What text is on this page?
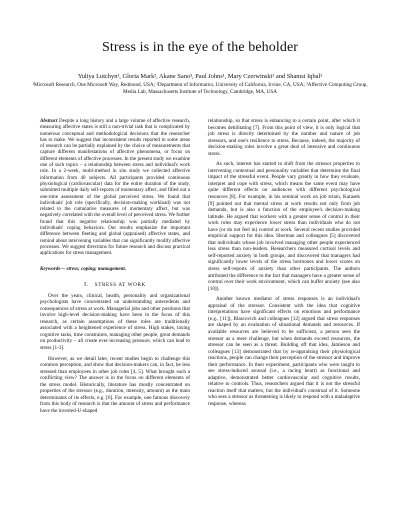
Stress is in the eye of the beholder
Yuliya Lutchyn¹, Gloria Mark², Akane Sano³, Paul Johns¹, Mary Czerwinski¹ and Shamsi Iqbal¹
¹Microsoft Research, One Microsoft Way, Redmond, USA; ²Department of Informatics, University of California, Irvine, CA, USA; ³Affective Computing Group, Media Lab, Massachusetts Institute of Technology, Cambridge, MA, USA

Abstract Despite a long history and a large volume of affective research, measuring affective states is still a non-trivial task that is complicated by numerous conceptual and methodological decisions that the researcher has to make. We suggest that inconsistent results reported in some areas of research can be partially explained by the choice of measurements that capture different manifestations of affective phenomena, or focus on different elements of affective processes. In the present study we examine one of such topics – a relationship between stress and individual's work role. In a 2-week, multi-method in situ study we collected affective information from 40 subjects. All participants provided continuous physiological (cardiovascular) data for the entire duration of the study, submitted multiple daily self-reports of momentary affect, and filled out a one-time assessment of the global perceived stress. We found that individuals' job role (specifically, decision-making workload) was not related to the cumulative measures of momentary affect, but was negatively correlated with the overall level of perceived stress. We further found that this negative relationship was partially mediated by individuals' coping behaviors. Our results emphasize the important difference between fleeting and global (appraised) affective states, and remind about intervening variables that can significantly modify affective processes. We suggest directions for future research and discuss practical applications for stress management.

Keywords— stress; coping; management.

I. STRESS AT WORK

Over the years, clinical, health, personality and organizational psychologists have concentrated on understanding antecedents and consequences of stress at work. Managerial jobs and other positions that involve high-level decision-making have been in the focus of this research, as certain assumptions of these roles are traditionally associated with a heightened experience of stress. High stakes, taxing cognitive tasks, time constraints, managing other people, great demands on productivity – all create ever-increasing pressure, which can lead to stress [1-3].

However, as we detail later, recent studies begin to challenge this common perception, and show that decision-makers can, in fact, be less stressed than employees in other job roles [4, 5]. What brought such a conflicting view? The answer is in the focus on different elements of the stress model. Historically, literature has mostly concentrated on properties of the stressor (e.g., duration, intensity, amount) as the main determinants of its effects, e.g. [6]. For example, one famous discovery from this body of research is that the amount of stress and performance have the inverted-U-shaped

relationship, so that stress is enhancing to a certain point, after which it becomes debilitating [7]. From this point of view, it is only logical that job stress is directly determined by the number and nature of job stressors, and one's resilience to stress. Because, indeed, the majority of decision-making roles involve a great deal of intensive and continuous stress.

As such, interest has started to shift from the stressor properties to intervening contextual and personality variables that determine the final impact of the stressful event. People vary greatly in how they evaluate, interpret and cope with stress, which means the same event may have quite different effects on audiences with different psychological resources [8]. For example, in his seminal work on job strain, Karasek [9] pointed out that mental stress at work results not only from job demands, but is also a function of the employee's decision-making latitude. He argued that workers with a greater sense of control in their work roles may experience lower stress than individuals who do not have (or do not feel in) control at work. Several recent studies provided empirical support for this idea. Sherman and colleagues [5] discovered that individuals whose job involved managing other people experienced less stress than non-leaders. Researchers measured cortisol levels and self-reported anxiety in both groups, and discovered that managers had significantly lower levels of the stress hormones and lower scores on stress self-reports of anxiety than other participants. The authors attributed the difference to the fact that managers have a greater sense of control over their work environment, which can buffer anxiety (see also [10]).

Another known mediator of stress responses is an individual's appraisal of the stressor. Consistent with the idea that cognitive interpretations have significant effects on emotions and performance (e.g., [11]), Blascovich and colleagues [12] argued that stress responses are shaped by an evaluation of situational demands and resources. If available resources are believed to be sufficient, a person sees the stressor as a mere challenge, but when demands exceed resources, the stressor can be seen as a threat. Building off that idea, Jamieson and colleagues [13] demonstrated that by re-appraising their physiological reactions, people can change their perception of the stressor and improve their performance. In their experiment, participants who were taught to see stress-induced arousal (i.e., a racing heart) as functional and adaptive, demonstrated better cardiovascular and cognitive results, relative to controls. Thus, researchers argued that it is not the stressful reaction itself that matters, but the individual's construal of it. Someone who sees a stressor as threatening is likely to respond with a maladaptive response, whereas
